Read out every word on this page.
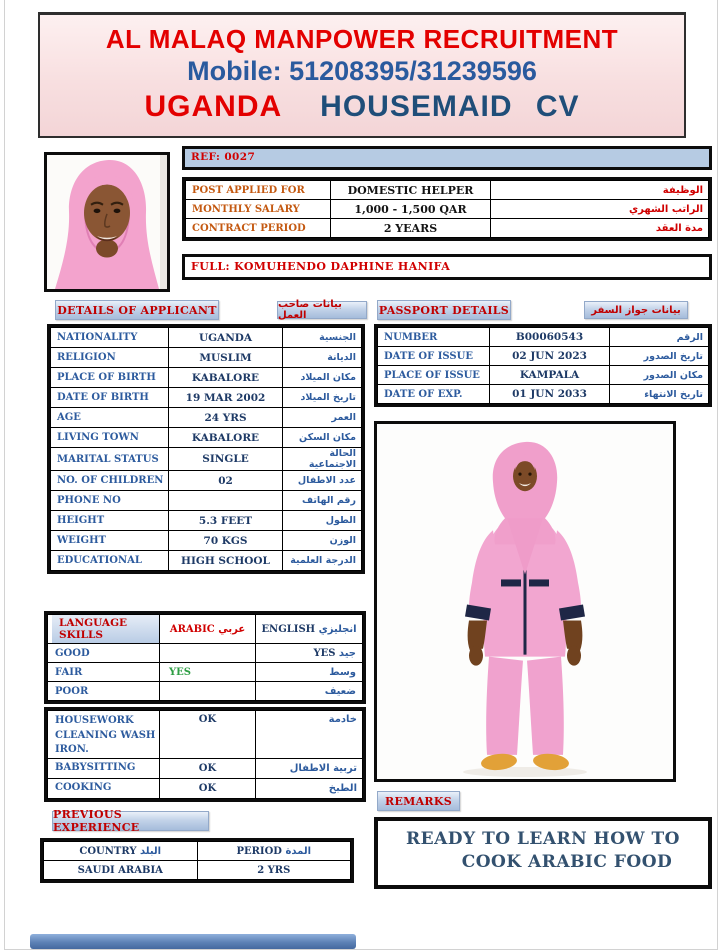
AL MALAQ MANPOWER RECRUITMENT
Mobile: 51208395/31239596
UGANDA HOUSEMAID CV
REF: 0027
POST APPLIED FOR	DOMESTIC HELPER	الوظيفة
MONTHLY SALARY	1,000 - 1,500 QAR	الراتب الشهري
CONTRACT PERIOD	2 YEARS	مدة العقد
FULL: KOMUHENDO DAPHINE HANIFA
DETAILS OF APPLICANT	بيانات صاحب العمل
NATIONALITY	UGANDA	الجنسية
RELIGION	MUSLIM	الديانة
PLACE OF BIRTH	KABALORE	مكان الميلاد
DATE OF BIRTH	19 MAR 2002	تاريخ الميلاد
AGE	24 YRS	العمر
LIVING TOWN	KABALORE	مكان السكن
MARITAL STATUS	SINGLE	الحالة الاجتماعية
NO. OF CHILDREN	02	عدد الاطفال
PHONE NO		رقم الهاتف
HEIGHT	5.3 FEET	الطول
WEIGHT	70 KGS	الوزن
EDUCATIONAL	HIGH SCHOOL	الدرجة العلمية
PASSPORT DETAILS	بيانات جواز السفر
NUMBER	B00060543	الرقم
DATE OF ISSUE	02 JUN 2023	تاريخ الصدور
PLACE OF ISSUE	KAMPALA	مكان الصدور
DATE OF EXP.	01 JUN 2033	تاريخ الانتهاء
LANGUAGE SKILLS	ARABIC عربي	ENGLISH انجليزي
GOOD		YES جيد
FAIR	YES	وسط
POOR		ضعيف
HOUSEWORK CLEANING WASH IRON.	OK	خادمة
BABYSITTING	OK	تربية الاطفال
COOKING	OK	الطبخ
PREVIOUS EXPERIENCE
COUNTRY البلد	PERIOD المدة
SAUDI ARABIA	2 YRS
REMARKS
READY TO LEARN HOW TO
COOK ARABIC FOOD
